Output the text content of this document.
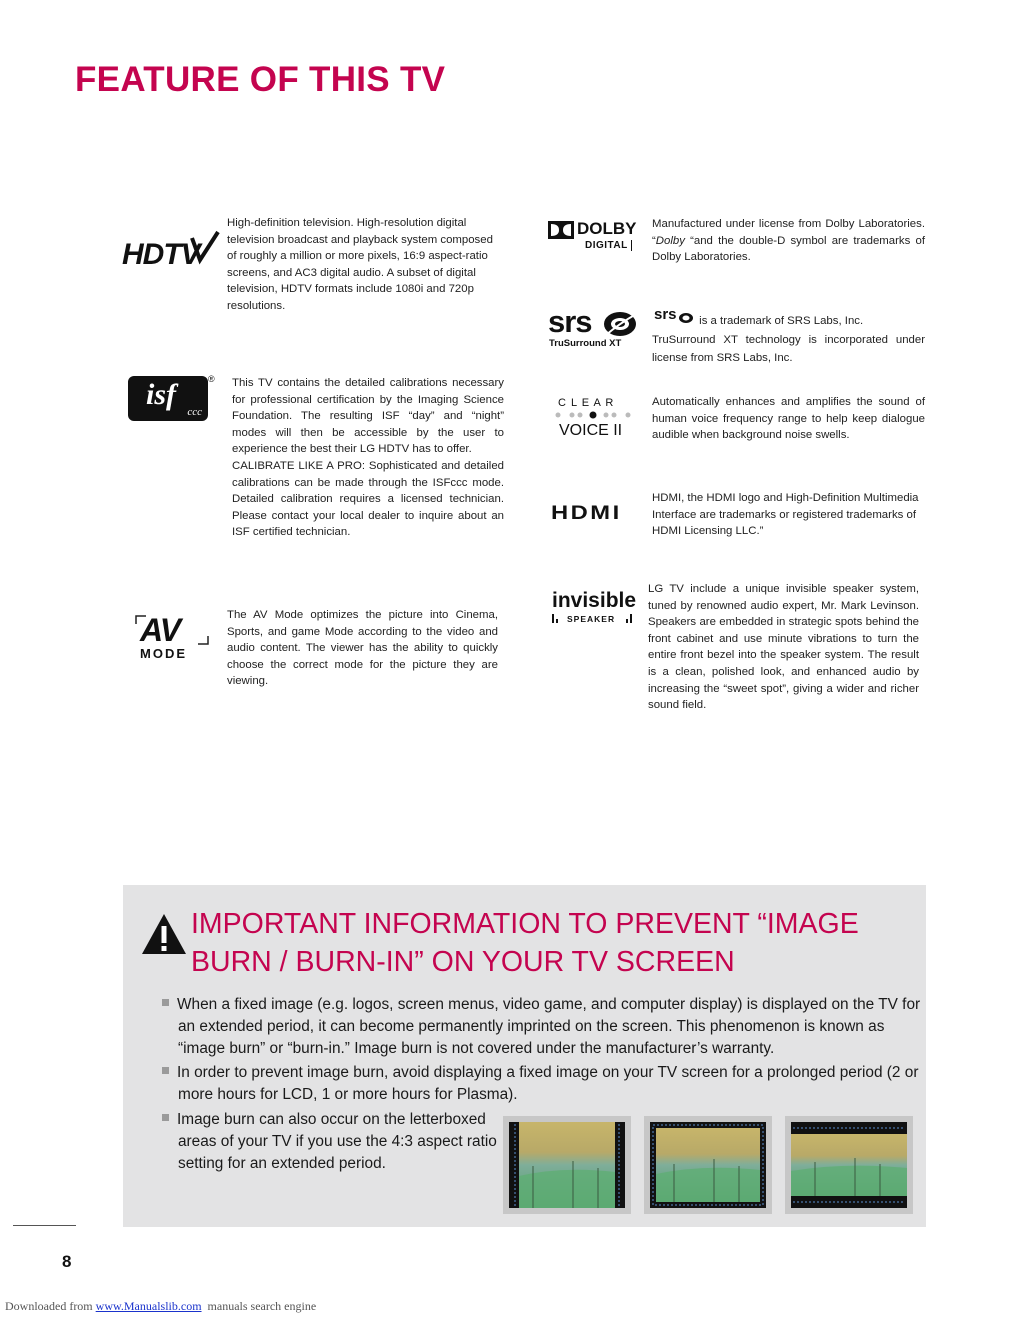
FEATURE OF THIS TV
HDTV
High-definition television. High-resolution digital television broadcast and playback system composed of roughly a million or more pixels, 16:9 aspect-ratio screens, and AC3 digital audio. A subset of digital television, HDTV formats include 1080i and 720p resolutions.
isf
ccc
® This TV contains the detailed calibrations necessary for professional certification by the Imaging Science Foundation. The resulting ISF “day” and “night” modes will then be accessible by the user to experience the best their LG HDTV has to offer.
CALIBRATE LIKE A PRO: Sophisticated and detailed calibrations can be made through the ISFccc mode. Detailed calibration requires a licensed technician. Please contact your local dealer to inquire about an ISF certified technician.
AV
MODE
The AV Mode optimizes the picture into Cinema, Sports, and game Mode according to the video and audio content. The viewer has the ability to quickly choose the correct mode for the picture they are viewing.
DOLBY
DIGITAL
Manufactured under license from Dolby Laboratories. “Dolby “and the double-D symbol are trademarks of Dolby Laboratories.
srs
TruSurround XT
srs is a trademark of SRS Labs, Inc.
TruSurround XT technology is incorporated under license from SRS Labs, Inc.
C L E A R
VOICE II
Automatically enhances and amplifies the sound of human voice frequency range to help keep dialogue audible when background noise swells.
HDMI
HDMI, the HDMI logo and High-Definition Multimedia Interface are trademarks or registered trademarks of HDMI Licensing LLC.”
invisible
SPEAKER
LG TV include a unique invisible speaker system, tuned by renowned audio expert, Mr. Mark Levinson. Speakers are embedded in strategic spots behind the front cabinet and use minute vibrations to turn the entire front bezel into the speaker system. The result is a clean, polished look, and enhanced audio by increasing the “sweet spot”, giving a wider and richer sound field.
IMPORTANT INFORMATION TO PREVENT “IMAGE BURN / BURN-IN” ON YOUR TV SCREEN
When a fixed image (e.g. logos, screen menus, video game, and computer display) is displayed on the TV for an extended period, it can become permanently imprinted on the screen. This phenomenon is known as “image burn” or “burn-in.” Image burn is not covered under the manufacturer’s warranty.
In order to prevent image burn, avoid displaying a fixed image on your TV screen for a prolonged period (2 or more hours for LCD, 1 or more hours for Plasma).
Image burn can also occur on the letterboxed areas of your TV if you use the 4:3 aspect ratio setting for an extended period.
8
Downloaded from www.Manualslib.com  manuals search engine
